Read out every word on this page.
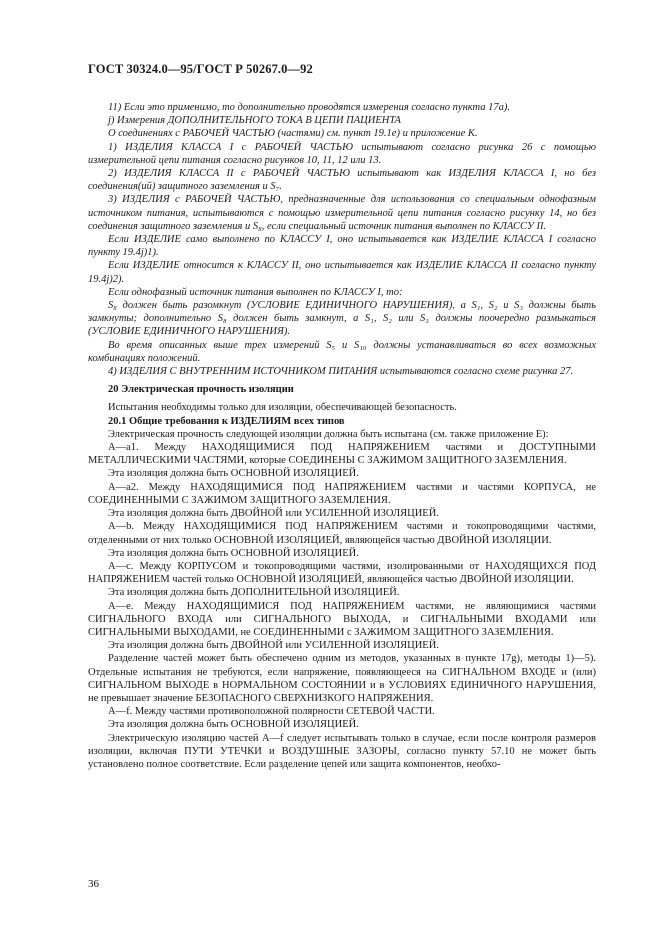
ГОСТ 30324.0—95/ГОСТ Р 50267.0—92

11) Если это применимо, то дополнительно проводятся измерения согласно пункта 17а).

j) Измерения ДОПОЛНИТЕЛЬНОГО ТОКА В ЦЕПИ ПАЦИЕНТА

О соединениях с РАБОЧЕЙ ЧАСТЬЮ (частями) см. пункт 19.1е) и приложение К.

1) ИЗДЕЛИЯ КЛАССА I с РАБОЧЕЙ ЧАСТЬЮ испытывают согласно рисунка 26 с помощью измерительной цепи питания согласно рисунков 10, 11, 12 или 13.

2) ИЗДЕЛИЯ КЛАССА II с РАБОЧЕЙ ЧАСТЬЮ испытывают как ИЗДЕЛИЯ КЛАССА I, но без соединения(ий) защитного заземления и S₇.

3) ИЗДЕЛИЯ с РАБОЧЕЙ ЧАСТЬЮ, предназначенные для использования со специальным однофазным источником питания, испытываются с помощью измерительной цепи питания согласно рисунку 14, но без соединения защитного заземления и S₈, если специальный источник питания выполнен по КЛАССУ II.

Если ИЗДЕЛИЕ само выполнено по КЛАССУ I, оно испытывается как ИЗДЕЛИЕ КЛАССА I согласно пункту 19.4j)1).

Если ИЗДЕЛИЕ относится к КЛАССУ II, оно испытывается как ИЗДЕЛИЕ КЛАССА II согласно пункту 19.4j)2).

Если однофазный источник питания выполнен по КЛАССУ I, то:

S₈ должен быть разомкнут (УСЛОВИЕ ЕДИНИЧНОГО НАРУШЕНИЯ), а S₁, S₂ и S₃ должны быть замкнуты; дополнительно S₈ должен быть замкнут, а S₁, S₂ или S₃ должны поочередно размыкаться (УСЛОВИЕ ЕДИНИЧНОГО НАРУШЕНИЯ).

Во время описанных выше трех измерений S₅ и S₁₀ должны устанавливаться во всех возможных комбинациях положений.

4) ИЗДЕЛИЯ С ВНУТРЕННИМ ИСТОЧНИКОМ ПИТАНИЯ испытываются согласно схеме рисунка 27.

20 Электрическая прочность изоляции

Испытания необходимы только для изоляции, обеспечивающей безопасность.

20.1 Общие требования к ИЗДЕЛИЯМ всех типов

Электрическая прочность следующей изоляции должна быть испытана (см. также приложение Е):

А—а1. Между НАХОДЯЩИМИСЯ ПОД НАПРЯЖЕНИЕМ частями и ДОСТУПНЫМИ МЕТАЛЛИЧЕСКИМИ ЧАСТЯМИ, которые СОЕДИНЕНЫ С ЗАЖИМОМ ЗАЩИТНОГО ЗАЗЕМЛЕНИЯ.

Эта изоляция должна быть ОСНОВНОЙ ИЗОЛЯЦИЕЙ.

А—а2. Между НАХОДЯЩИМИСЯ ПОД НАПРЯЖЕНИЕМ частями и частями КОРПУСА, не СОЕДИНЕННЫМИ С ЗАЖИМОМ ЗАЩИТНОГО ЗАЗЕМЛЕНИЯ.

Эта изоляция должна быть ДВОЙНОЙ или УСИЛЕННОЙ ИЗОЛЯЦИЕЙ.

А—b. Между НАХОДЯЩИМИСЯ ПОД НАПРЯЖЕНИЕМ частями и токопроводящими частями, отделенными от них только ОСНОВНОЙ ИЗОЛЯЦИЕЙ, являющейся частью ДВОЙНОЙ ИЗОЛЯЦИИ.

Эта изоляция должна быть ОСНОВНОЙ ИЗОЛЯЦИЕЙ.

А—с. Между КОРПУСОМ и токопроводящими частями, изолированными от НАХОДЯЩИХСЯ ПОД НАПРЯЖЕНИЕМ частей только ОСНОВНОЙ ИЗОЛЯЦИЕЙ, являющейся частью ДВОЙНОЙ ИЗОЛЯЦИИ.

Эта изоляция должна быть ДОПОЛНИТЕЛЬНОЙ ИЗОЛЯЦИЕЙ.

А—е. Между НАХОДЯЩИМИСЯ ПОД НАПРЯЖЕНИЕМ частями, не являющимися частями СИГНАЛЬНОГО ВХОДА или СИГНАЛЬНОГО ВЫХОДА, и СИГНАЛЬНЫМИ ВХОДАМИ или СИГНАЛЬНЫМИ ВЫХОДАМИ, не СОЕДИНЕННЫМИ с ЗАЖИМОМ ЗАЩИТНОГО ЗАЗЕМЛЕНИЯ.

Эта изоляция должна быть ДВОЙНОЙ или УСИЛЕННОЙ ИЗОЛЯЦИЕЙ.

Разделение частей может быть обеспечено одним из методов, указанных в пункте 17g), методы 1)—5). Отдельные испытания не требуются, если напряжение, появляющееся на СИГНАЛЬНОМ ВХОДЕ и (или) СИГНАЛЬНОМ ВЫХОДЕ в НОРМАЛЬНОМ СОСТОЯНИИ и в УСЛОВИЯХ ЕДИНИЧНОГО НАРУШЕНИЯ, не превышает значение БЕЗОПАСНОГО СВЕРХНИЗКОГО НАПРЯЖЕНИЯ.

А—f. Между частями противоположной полярности СЕТЕВОЙ ЧАСТИ.

Эта изоляция должна быть ОСНОВНОЙ ИЗОЛЯЦИЕЙ.

Электрическую изоляцию частей А—f следует испытывать только в случае, если после контроля размеров изоляции, включая ПУТИ УТЕЧКИ и ВОЗДУШНЫЕ ЗАЗОРЫ, согласно пункту 57.10 не может быть установлено полное соответствие. Если разделение цепей или защита компонентов, необхо-

36
